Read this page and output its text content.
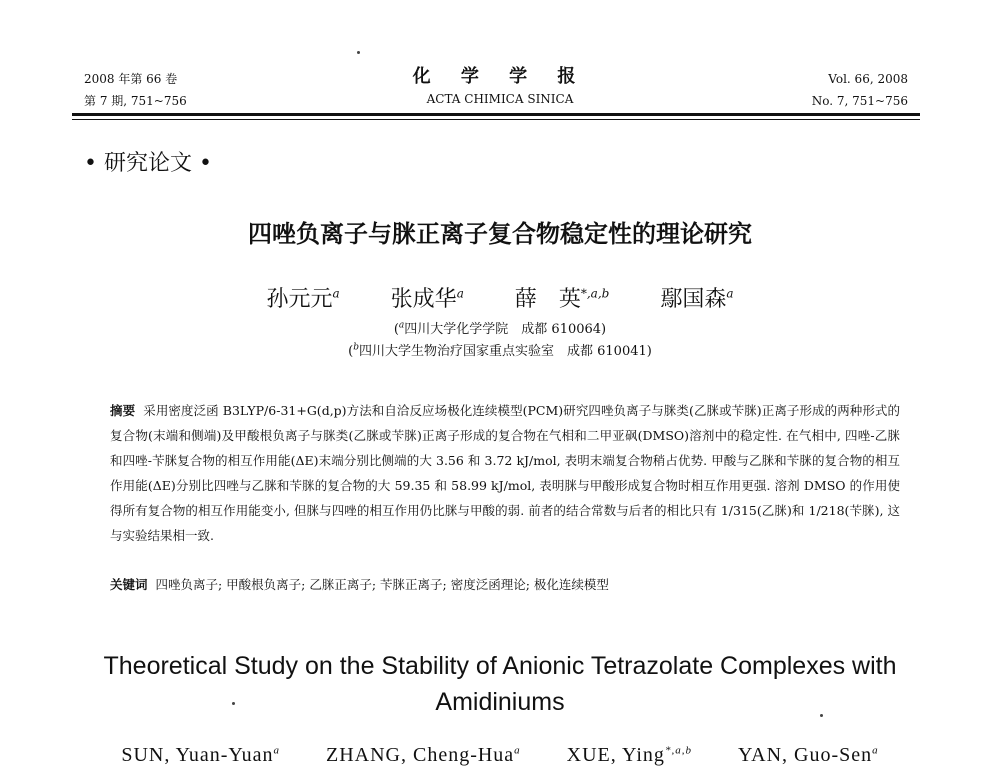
2008 年第 66 卷
第 7 期, 751~756
化 学 学 报
ACTA CHIMICA SINICA
Vol. 66, 2008
No. 7, 751~756
• 研究论文 •
四唑负离子与脒正离子复合物稳定性的理论研究
孙元元$^a$ 张成华$^a$ 薛　英$^{*,a,b}$ 鄢国森$^a$
($^a$四川大学化学学院　成都 610064)
($^b$四川大学生物治疗国家重点实验室　成都 610041)
摘要 采用密度泛函 B3LYP/6-31+G(d,p)方法和自洽反应场极化连续模型(PCM)研究四唑负离子与脒类(乙脒或苄脒)正离子形成的两种形式的复合物(末端和侧端)及甲酸根负离子与脒类(乙脒或苄脒)正离子形成的复合物在气相和二甲亚砜(DMSO)溶剂中的稳定性. 在气相中, 四唑-乙脒和四唑-苄脒复合物的相互作用能(ΔE)末端分别比侧端的大 3.56 和 3.72 kJ/mol, 表明末端复合物稍占优势. 甲酸与乙脒和苄脒的复合物的相互作用能(ΔE)分别比四唑与乙脒和苄脒的复合物的大 59.35 和 58.99 kJ/mol, 表明脒与甲酸形成复合物时相互作用更强. 溶剂 DMSO 的作用使得所有复合物的相互作用能变小, 但脒与四唑的相互作用仍比脒与甲酸的弱. 前者的结合常数与后者的相比只有 1/315(乙脒)和 1/218(苄脒), 这与实验结果相一致.
关键词 四唑负离子; 甲酸根负离子; 乙脒正离子; 苄脒正离子; 密度泛函理论; 极化连续模型
Theoretical Study on the Stability of Anionic Tetrazolate Complexes with Amidiniums
SUN, Yuan-Yuan$^a$ ZHANG, Cheng-Hua$^a$ XUE, Ying$^{*,a,b}$ YAN, Guo-Sen$^a$
